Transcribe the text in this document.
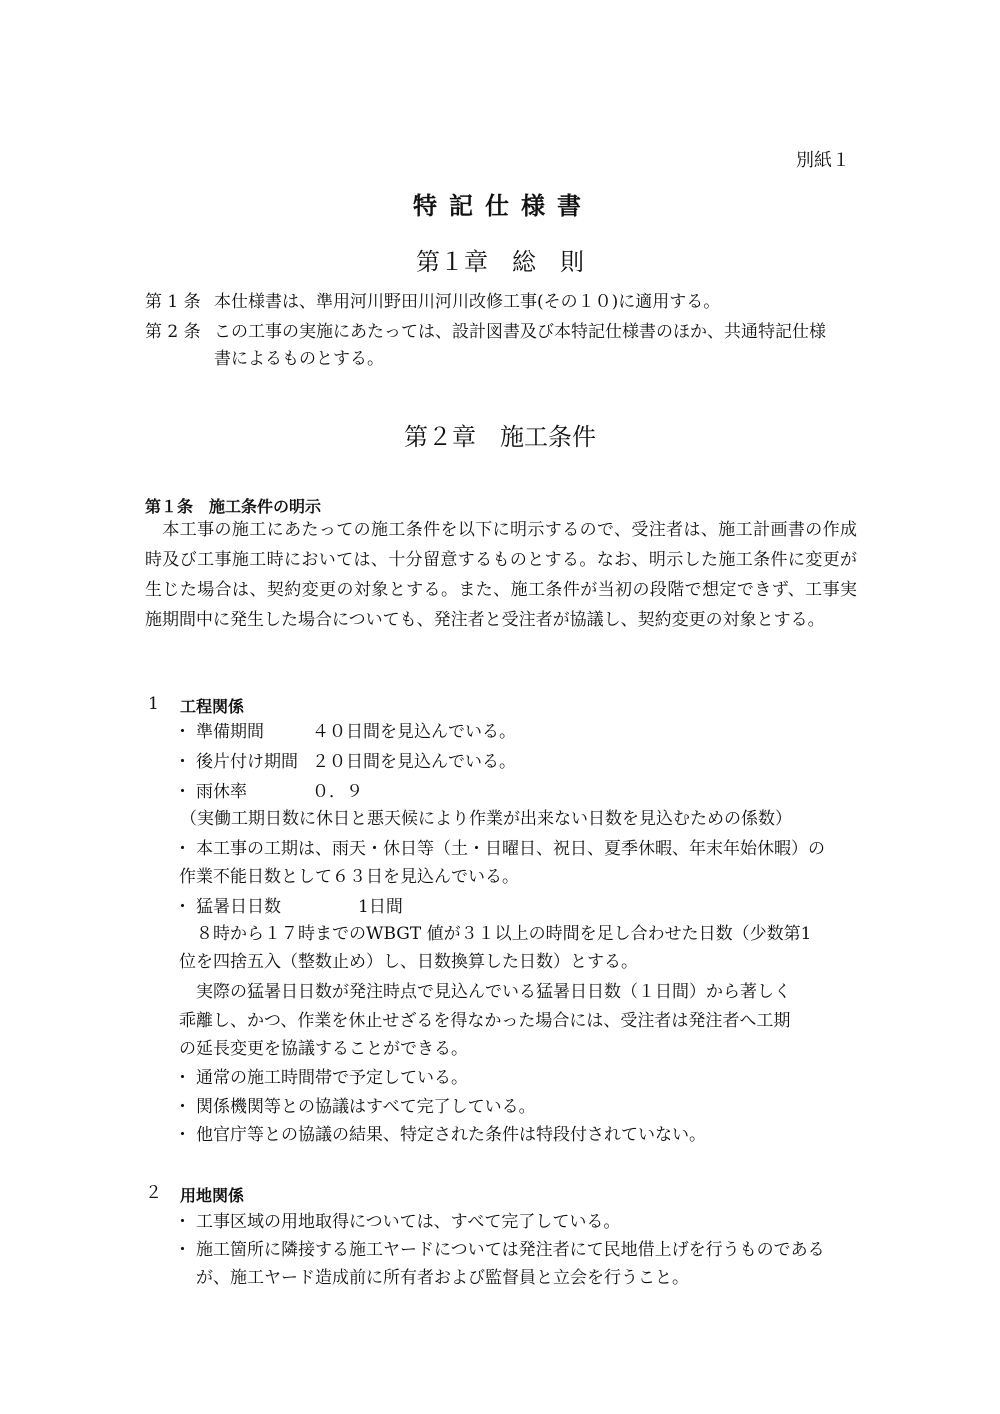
別紙１
特記仕様書
第１章　総　則
第 1 条 本仕様書は、準用河川野田川河川改修工事(その１０)に適用する。
第 2 条 この工事の実施にあたっては、設計図書及び本特記仕様書のほか、共通特記仕様
書によるものとする。
第２章　施工条件
第１条　施工条件の明示
本工事の施工にあたっての施工条件を以下に明示するので、受注者は、施工計画書の作成時及び工事施工時においては、十分留意するものとする。なお、明示した施工条件に変更が生じた場合は、契約変更の対象とする。また、施工条件が当初の段階で想定できず、工事実施期間中に発生した場合についても、発注者と受注者が協議し、契約変更の対象とする。
1 工程関係
・ 準備期間	４０日間を見込んでいる。
・ 後片付け期間 ２０日間を見込んでいる。
・ 雨休率	０．９
（実働工期日数に休日と悪天候により作業が出来ない日数を見込むための係数）
・ 本工事の工期は、雨天・休日等（土・日曜日、祝日、夏季休暇、年末年始休暇）の
作業不能日数として６３日を見込んでいる。
・ 猛暑日日数	1日間
８時から１７時までのWBGT 値が３１以上の時間を足し合わせた日数（少数第1
位を四捨五入（整数止め）し、日数換算した日数）とする。
実際の猛暑日日数が発注時点で見込んでいる猛暑日日数（１日間）から著しく
乖離し、かつ、作業を休止せざるを得なかった場合には、受注者は発注者へ工期
の延長変更を協議することができる。
・ 通常の施工時間帯で予定している。
・ 関係機関等との協議はすべて完了している。
・ 他官庁等との協議の結果、特定された条件は特段付されていない。
２ 用地関係
・ 工事区域の用地取得については、すべて完了している。
・ 施工箇所に隣接する施工ヤードについては発注者にて民地借上げを行うものである
が、施工ヤード造成前に所有者および監督員と立会を行うこと。
